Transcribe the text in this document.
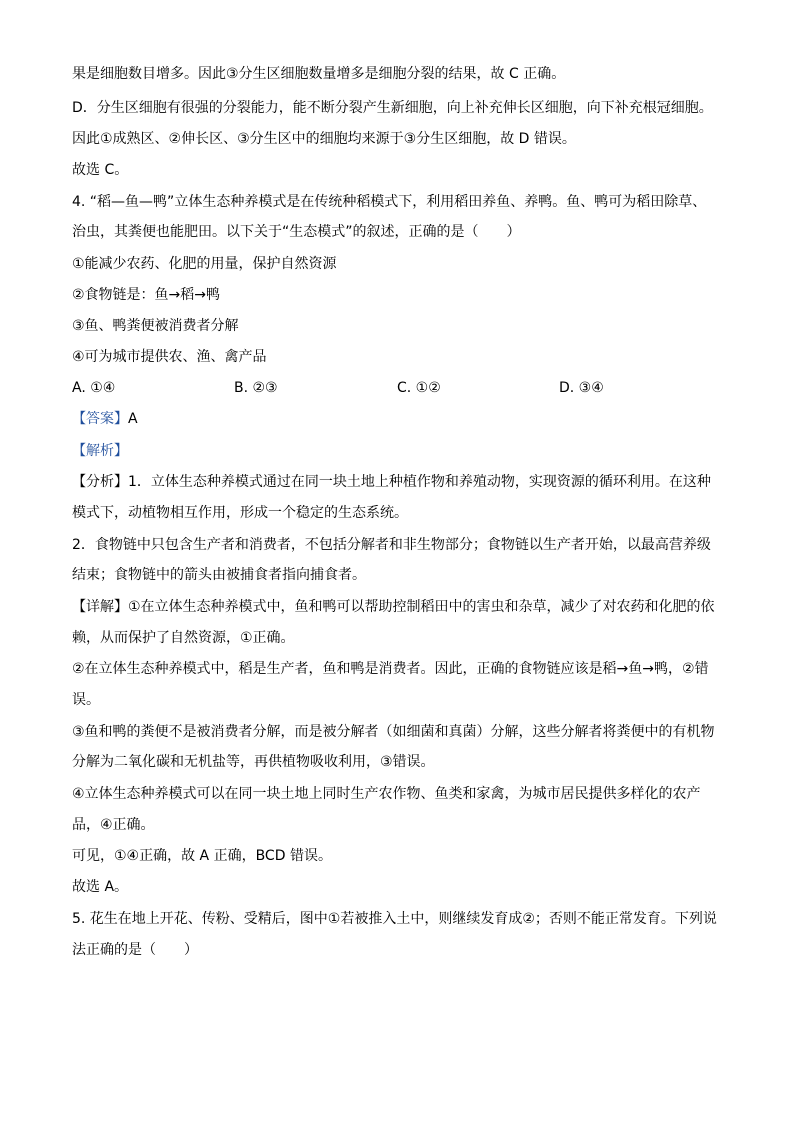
果是细胞数目增多。因此③分生区细胞数量增多是细胞分裂的结果，故 C 正确。
D．分生区细胞有很强的分裂能力，能不断分裂产生新细胞，向上补充伸长区细胞，向下补充根冠细胞。
因此①成熟区、②伸长区、③分生区中的细胞均来源于③分生区细胞，故 D 错误。
故选 C。
4. “稻—鱼—鸭”立体生态种养模式是在传统种稻模式下，利用稻田养鱼、养鸭。鱼、鸭可为稻田除草、
治虫，其粪便也能肥田。以下关于“生态模式”的叙述，正确的是（　　）
①能减少农药、化肥的用量，保护自然资源
②食物链是：鱼→稻→鸭
③鱼、鸭粪便被消费者分解
④可为城市提供农、渔、禽产品
A. ①④	B. ②③	C. ①②	D. ③④
【答案】A
【解析】
【分析】1．立体生态种养模式通过在同一块土地上种植作物和养殖动物，实现资源的循环利用。在这种
模式下，动植物相互作用，形成一个稳定的生态系统。
2．食物链中只包含生产者和消费者，不包括分解者和非生物部分；食物链以生产者开始，以最高营养级
结束；食物链中的箭头由被捕食者指向捕食者。
【详解】①在立体生态种养模式中，鱼和鸭可以帮助控制稻田中的害虫和杂草，减少了对农药和化肥的依
赖，从而保护了自然资源，①正确。
②在立体生态种养模式中，稻是生产者，鱼和鸭是消费者。因此，正确的食物链应该是稻→鱼→鸭，②错
误。
③鱼和鸭的粪便不是被消费者分解，而是被分解者（如细菌和真菌）分解，这些分解者将粪便中的有机物
分解为二氧化碳和无机盐等，再供植物吸收利用，③错误。
④立体生态种养模式可以在同一块土地上同时生产农作物、鱼类和家禽，为城市居民提供多样化的农产
品，④正确。
可见，①④正确，故 A 正确，BCD 错误。
故选 A。
5. 花生在地上开花、传粉、受精后，图中①若被推入土中，则继续发育成②；否则不能正常发育。下列说
法正确的是（　　）
